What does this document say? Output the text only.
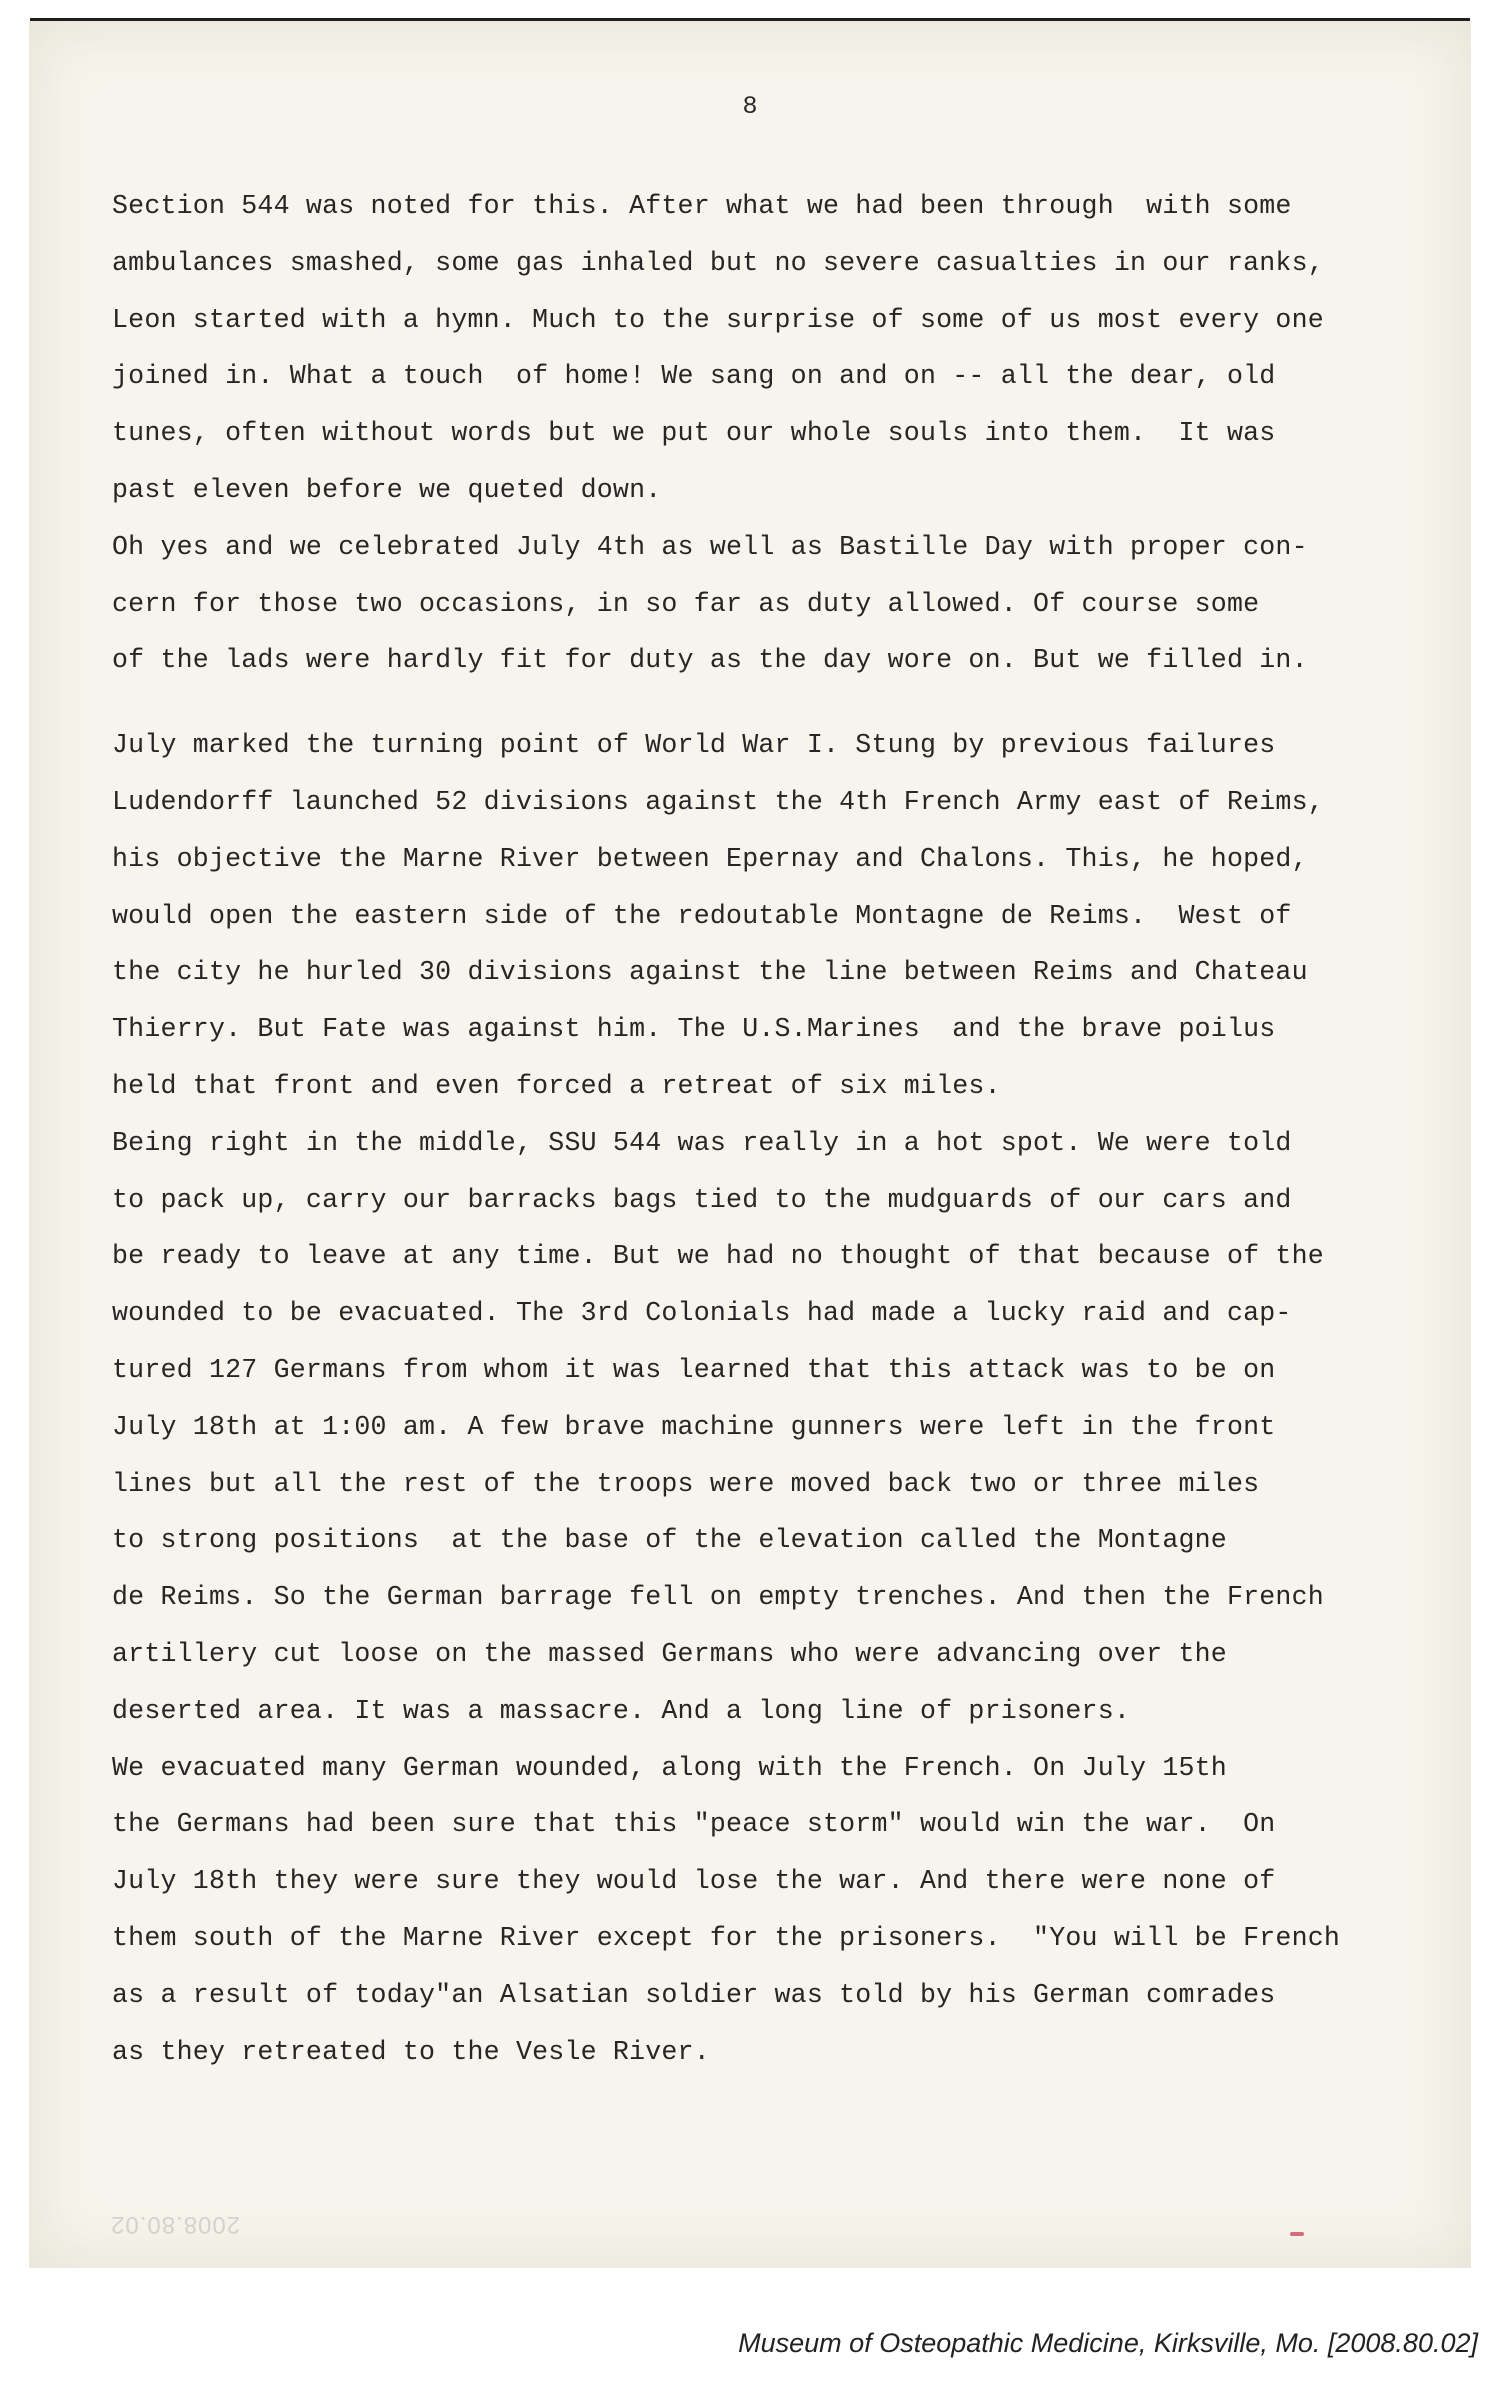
8
Section 544 was noted for this. After what we had been through  with some
ambulances smashed, some gas inhaled but no severe casualties in our ranks,
Leon started with a hymn. Much to the surprise of some of us most every one
joined in. What a touch  of home! We sang on and on -- all the dear, old
tunes, often without words but we put our whole souls into them.  It was
past eleven before we queted down.
Oh yes and we celebrated July 4th as well as Bastille Day with proper con-
cern for those two occasions, in so far as duty allowed. Of course some
of the lads were hardly fit for duty as the day wore on. But we filled in.
July marked the turning point of World War I. Stung by previous failures
Ludendorff launched 52 divisions against the 4th French Army east of Reims,
his objective the Marne River between Epernay and Chalons. This, he hoped,
would open the eastern side of the redoutable Montagne de Reims.  West of
the city he hurled 30 divisions against the line between Reims and Chateau
Thierry. But Fate was against him. The U.S.Marines  and the brave poilus
held that front and even forced a retreat of six miles.
Being right in the middle, SSU 544 was really in a hot spot. We were told
to pack up, carry our barracks bags tied to the mudguards of our cars and
be ready to leave at any time. But we had no thought of that because of the
wounded to be evacuated. The 3rd Colonials had made a lucky raid and cap-
tured 127 Germans from whom it was learned that this attack was to be on
July 18th at 1:00 am. A few brave machine gunners were left in the front
lines but all the rest of the troops were moved back two or three miles
to strong positions  at the base of the elevation called the Montagne
de Reims. So the German barrage fell on empty trenches. And then the French
artillery cut loose on the massed Germans who were advancing over the
deserted area. It was a massacre. And a long line of prisoners.
We evacuated many German wounded, along with the French. On July 15th
the Germans had been sure that this "peace storm" would win the war.  On
July 18th they were sure they would lose the war. And there were none of
them south of the Marne River except for the prisoners.  "You will be French
as a result of today"an Alsatian soldier was told by his German comrades
as they retreated to the Vesle River.
2008.80.02
Museum of Osteopathic Medicine, Kirksville, Mo. [2008.80.02]
